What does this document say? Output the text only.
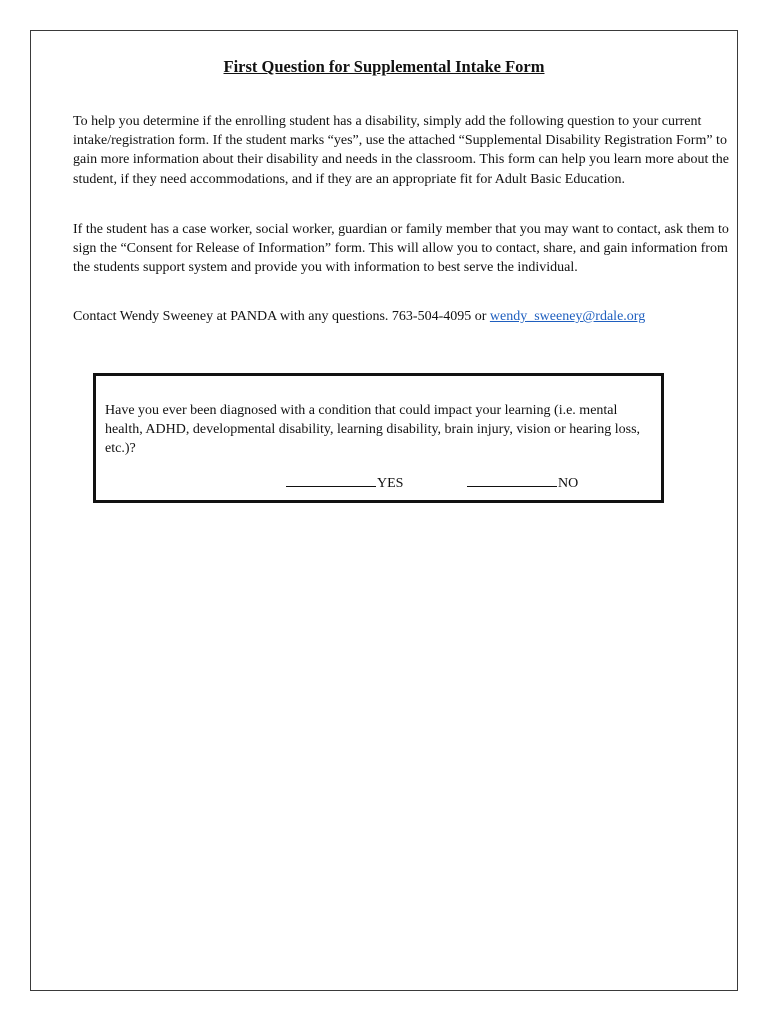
First Question for Supplemental Intake Form

To help you determine if the enrolling student has a disability, simply add the following question to your current intake/registration form. If the student marks “yes”, use the attached “Supplemental Disability Registration Form” to gain more information about their disability and needs in the classroom. This form can help you learn more about the student, if they need accommodations, and if they are an appropriate fit for Adult Basic Education.

If the student has a case worker, social worker, guardian or family member that you may want to contact, ask them to sign the “Consent for Release of Information” form. This will allow you to contact, share, and gain information from the students support system and provide you with information to best serve the individual.

Contact Wendy Sweeney at PANDA with any questions. 763-504-4095 or wendy_sweeney@rdale.org

Have you ever been diagnosed with a condition that could impact your learning (i.e. mental health, ADHD, developmental disability, learning disability, brain injury, vision or hearing loss, etc.)?

YES	NO
